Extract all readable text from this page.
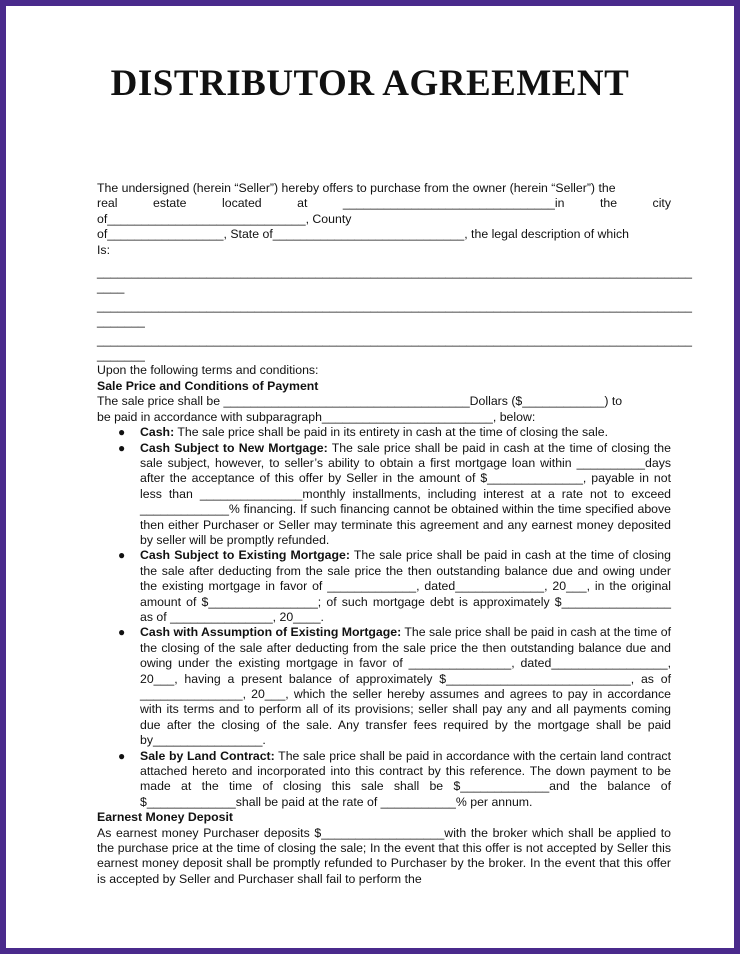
DISTRIBUTOR AGREEMENT

The undersigned (herein “Seller”) hereby offers to purchase from the owner (herein “Seller”) the

real estate located at _______________________________in the city

of_____________________________, County

of_________________, State of____________________________, the legal description of which

Is:

_______________________________________________________________________________________

____

_______________________________________________________________________________________

_______

_______________________________________________________________________________________

_______

Upon the following terms and conditions:

Sale Price and Conditions of Payment

The sale price shall be ____________________________________Dollars ($____________) to

be paid in accordance with subparagraph_________________________, below:

● Cash: The sale price shall be paid in its entirety in cash at the time of closing the sale.
● Cash Subject to New Mortgage: The sale price shall be paid in cash at the time of closing the sale subject, however, to seller’s ability to obtain a first mortgage loan within __________days after the acceptance of this offer by Seller in the amount of $______________, payable in not less than _______________monthly installments, including interest at a rate not to exceed _____________% financing. If such financing cannot be obtained within the time specified above then either Purchaser or Seller may terminate this agreement and any earnest money deposited by seller will be promptly refunded.
● Cash Subject to Existing Mortgage: The sale price shall be paid in cash at the time of closing the sale after deducting from the sale price the then outstanding balance due and owing under the existing mortgage in favor of _____________, dated_____________, 20___, in the original amount of $________________; of such mortgage debt is approximately $________________ as of _______________, 20____.
● Cash with Assumption of Existing Mortgage: The sale price shall be paid in cash at the time of the closing of the sale after deducting from the sale price the then outstanding balance due and owing under the existing mortgage in favor of _______________, dated_________________, 20___, having a present balance of approximately $___________________________, as of _______________, 20___, which the seller hereby assumes and agrees to pay in accordance with its terms and to perform all of its provisions; seller shall pay any and all payments coming due after the closing of the sale. Any transfer fees required by the mortgage shall be paid by________________.
● Sale by Land Contract: The sale price shall be paid in accordance with the certain land contract attached hereto and incorporated into this contract by this reference. The down payment to be made at the time of closing this sale shall be $_____________and the balance of $_____________shall be paid at the rate of ___________% per annum.

Earnest Money Deposit

As earnest money Purchaser deposits $__________________with the broker which shall be applied to the purchase price at the time of closing the sale; In the event that this offer is not accepted by Seller this earnest money deposit shall be promptly refunded to Purchaser by the broker. In the event that this offer is accepted by Seller and Purchaser shall fail to perform the
